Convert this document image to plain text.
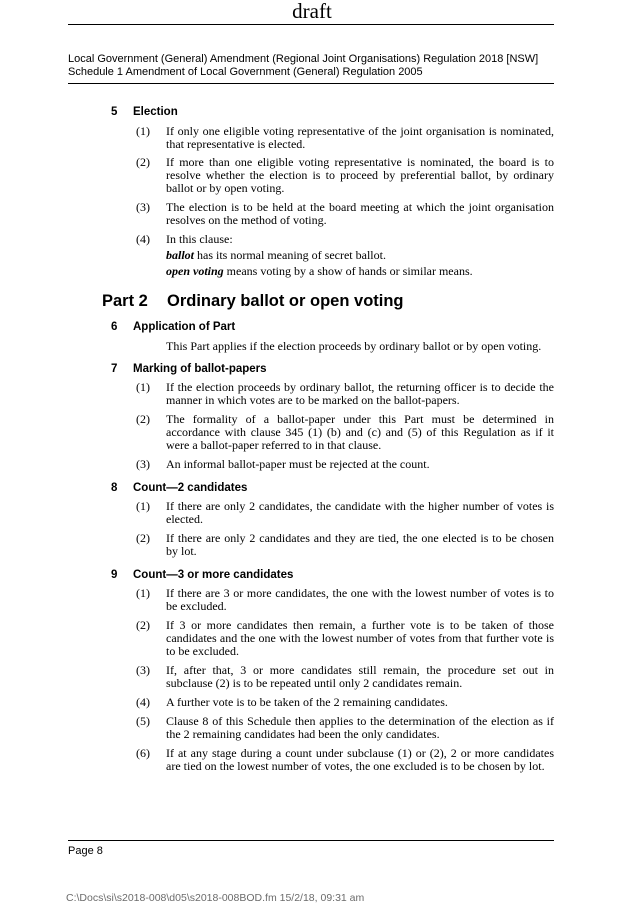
draft
Local Government (General) Amendment (Regional Joint Organisations) Regulation 2018 [NSW]
Schedule 1 Amendment of Local Government (General) Regulation 2005
5 Election
(1) If only one eligible voting representative of the joint organisation is nominated, that representative is elected.
(2) If more than one eligible voting representative is nominated, the board is to resolve whether the election is to proceed by preferential ballot, by ordinary ballot or by open voting.
(3) The election is to be held at the board meeting at which the joint organisation resolves on the method of voting.
(4) In this clause:
ballot has its normal meaning of secret ballot.
open voting means voting by a show of hands or similar means.
Part 2 Ordinary ballot or open voting
6 Application of Part
This Part applies if the election proceeds by ordinary ballot or by open voting.
7 Marking of ballot-papers
(1) If the election proceeds by ordinary ballot, the returning officer is to decide the manner in which votes are to be marked on the ballot-papers.
(2) The formality of a ballot-paper under this Part must be determined in accordance with clause 345 (1) (b) and (c) and (5) of this Regulation as if it were a ballot-paper referred to in that clause.
(3) An informal ballot-paper must be rejected at the count.
8 Count—2 candidates
(1) If there are only 2 candidates, the candidate with the higher number of votes is elected.
(2) If there are only 2 candidates and they are tied, the one elected is to be chosen by lot.
9 Count—3 or more candidates
(1) If there are 3 or more candidates, the one with the lowest number of votes is to be excluded.
(2) If 3 or more candidates then remain, a further vote is to be taken of those candidates and the one with the lowest number of votes from that further vote is to be excluded.
(3) If, after that, 3 or more candidates still remain, the procedure set out in subclause (2) is to be repeated until only 2 candidates remain.
(4) A further vote is to be taken of the 2 remaining candidates.
(5) Clause 8 of this Schedule then applies to the determination of the election as if the 2 remaining candidates had been the only candidates.
(6) If at any stage during a count under subclause (1) or (2), 2 or more candidates are tied on the lowest number of votes, the one excluded is to be chosen by lot.
Page 8
C:\Docs\si\s2018-008\d05\s2018-008BOD.fm 15/2/18, 09:31 am
